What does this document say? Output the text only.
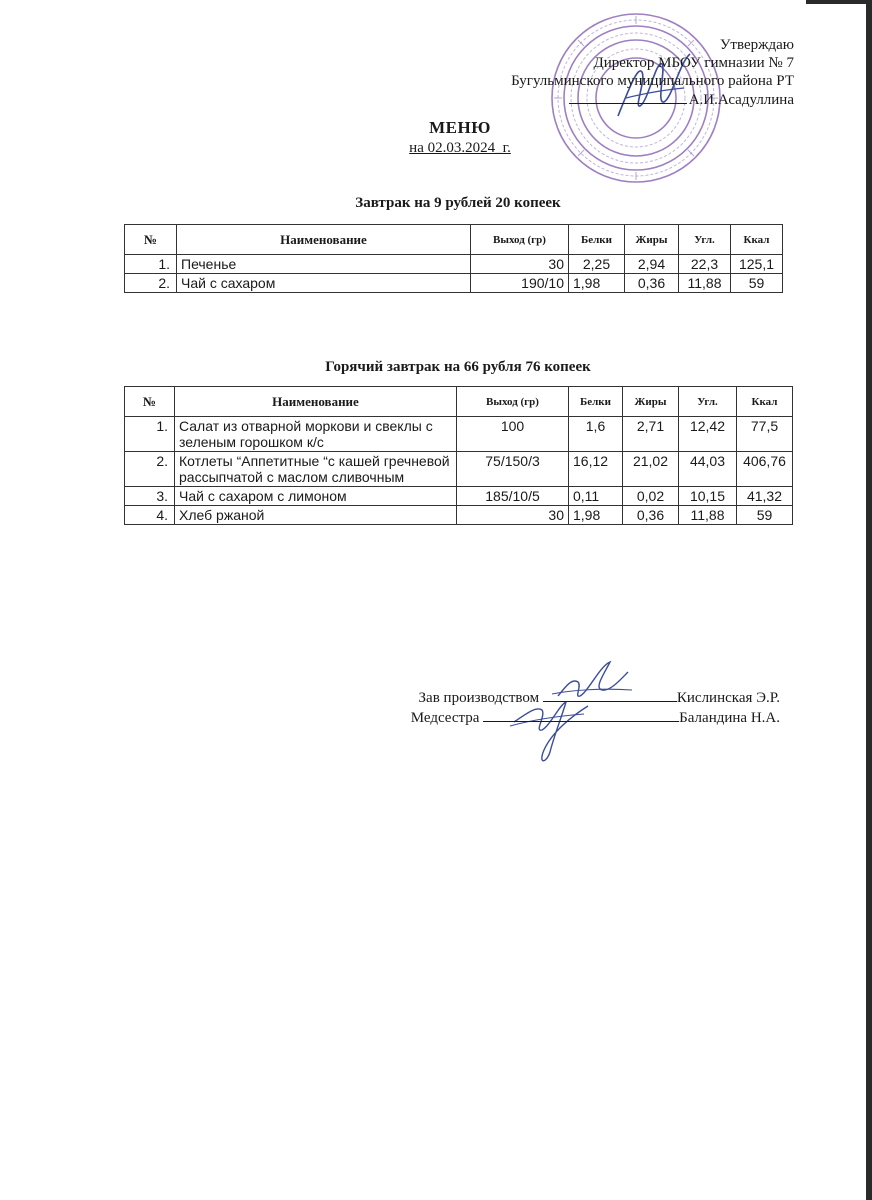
Утверждаю
Директор МБОУ гимназии № 7
Бугульминского муниципального района РТ
А.И.Асадуллина
МЕНЮ
на 02.03.2024_г.
Завтрак на 9 рублей 20 копеек
№	Наименование	Выход (гр)	Белки	Жиры	Угл.	Ккал
1.	Печенье	30	2,25	2,94	22,3	125,1
2.	Чай с сахаром	190/10	1,98	0,36	11,88	59
Горячий завтрак на 66 рубля 76 копеек
№	Наименование	Выход (гр)	Белки	Жиры	Угл.	Ккал
1.	Салат из отварной моркови и свеклы с зеленым горошком к/с	100	1,6	2,71	12,42	77,5
2.	Котлеты “Аппетитные “с кашей гречневой рассыпчатой с маслом сливочным	75/150/3	16,12	21,02	44,03	406,76
3.	Чай с сахаром с лимоном	185/10/5	0,11	0,02	10,15	41,32
4.	Хлеб ржаной	30	1,98	0,36	11,88	59
Зав производством	Кислинская Э.Р.
Медсестра	Баландина Н.А.
